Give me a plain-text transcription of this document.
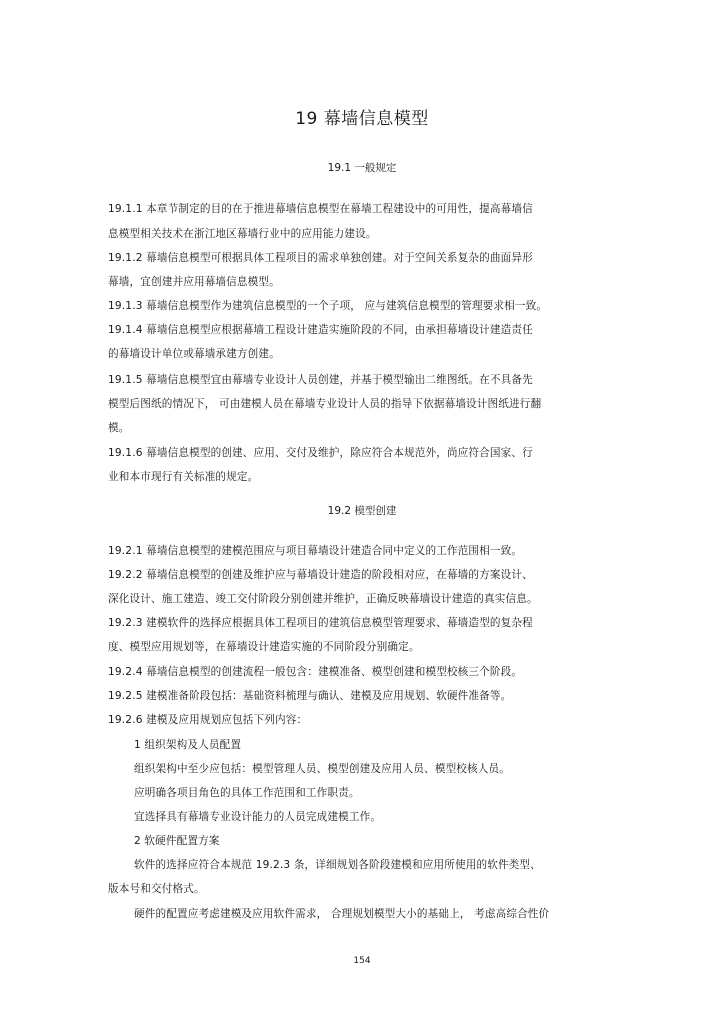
19 幕墙信息模型
19.1 一般规定
19.1.1 本章节制定的目的在于推进幕墙信息模型在幕墙工程建设中的可用性，提高幕墙信
息模型相关技术在浙江地区幕墙行业中的应用能力建设。
19.1.2 幕墙信息模型可根据具体工程项目的需求单独创建。对于空间关系复杂的曲面异形
幕墙，宜创建并应用幕墙信息模型。
19.1.3 幕墙信息模型作为建筑信息模型的一个子项， 应与建筑信息模型的管理要求相一致。
19.1.4 幕墙信息模型应根据幕墙工程设计建造实施阶段的不同，由承担幕墙设计建造责任
的幕墙设计单位或幕墙承建方创建。
19.1.5 幕墙信息模型宜由幕墙专业设计人员创建，并基于模型输出二维图纸。在不具备先
模型后图纸的情况下， 可由建模人员在幕墙专业设计人员的指导下依据幕墙设计图纸进行翻
模。
19.1.6 幕墙信息模型的创建、应用、交付及维护，除应符合本规范外，尚应符合国家、行
业和本市现行有关标准的规定。
19.2 模型创建
19.2.1 幕墙信息模型的建模范围应与项目幕墙设计建造合同中定义的工作范围相一致。
19.2.2 幕墙信息模型的创建及维护应与幕墙设计建造的阶段相对应，在幕墙的方案设计、
深化设计、施工建造、竣工交付阶段分别创建并维护，正确反映幕墙设计建造的真实信息。
19.2.3 建模软件的选择应根据具体工程项目的建筑信息模型管理要求、幕墙造型的复杂程
度、模型应用规划等，在幕墙设计建造实施的不同阶段分别确定。
19.2.4 幕墙信息模型的创建流程一般包含：建模准备、模型创建和模型校核三个阶段。
19.2.5 建模准备阶段包括：基础资料梳理与确认、建模及应用规划、软硬件准备等。
19.2.6 建模及应用规划应包括下列内容：
1 组织架构及人员配置
组织架构中至少应包括：模型管理人员、模型创建及应用人员、模型校核人员。
应明确各项目角色的具体工作范围和工作职责。
宜选择具有幕墙专业设计能力的人员完成建模工作。
2 软硬件配置方案
软件的选择应符合本规范 19.2.3 条，详细规划各阶段建模和应用所使用的软件类型、
版本号和交付格式。
硬件的配置应考虑建模及应用软件需求， 合理规划模型大小的基础上， 考虑高综合性价
154
